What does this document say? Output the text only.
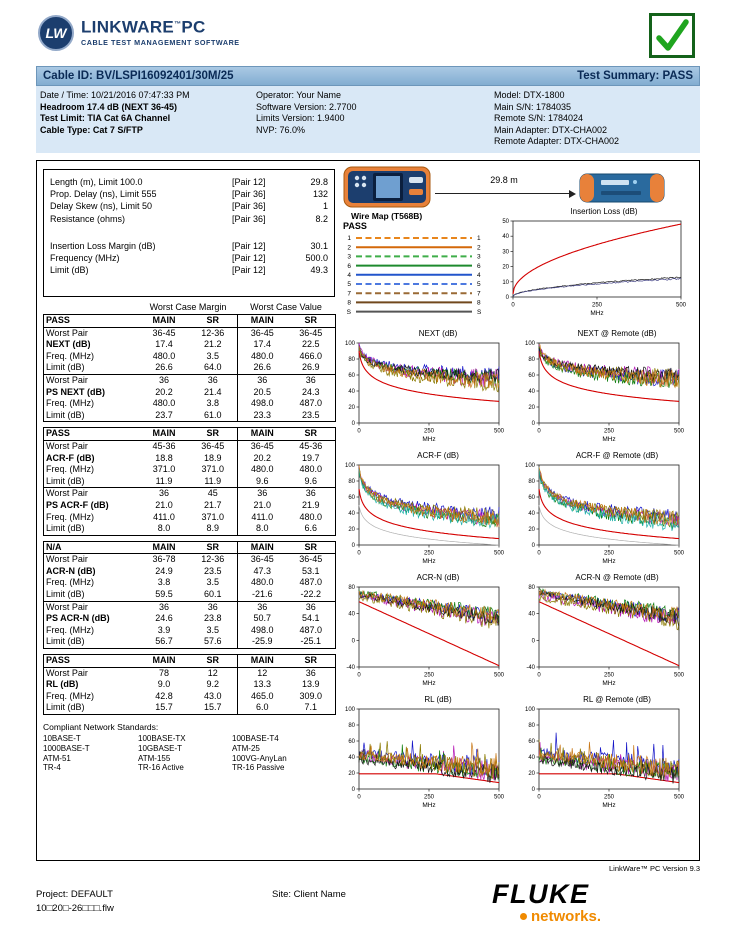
LW LINKWARE™PC
CABLE TEST MANAGEMENT SOFTWARE
Cable ID: BV/LSPI16092401/30M/25	Test Summary: PASS
Date / Time: 10/21/2016 07:47:33 PM
Headroom 17.4 dB (NEXT 36-45)
Test Limit: TIA Cat 6A Channel
Cable Type: Cat 7 S/FTP
Operator: Your Name
Software Version: 2.7700
Limits Version: 1.9400
NVP: 76.0%
Model: DTX-1800
Main S/N: 1784035
Remote S/N: 1784024
Main Adapter: DTX-CHA002
Remote Adapter: DTX-CHA002
Length (m), Limit 100.0	[Pair 12]	29.8
Prop. Delay (ns), Limit 555	[Pair 36]	132
Delay Skew (ns), Limit 50	[Pair 36]	1
Resistance (ohms)	[Pair 36]	8.2
Insertion Loss Margin (dB)	[Pair 12]	30.1
Frequency (MHz)	[Pair 12]	500.0
Limit (dB)	[Pair 12]	49.3
Worst Case Margin	Worst Case Value
PASS	MAIN	SR	MAIN	SR
Worst Pair	36-45	12-36	36-45	36-45
NEXT (dB)	17.4	21.2	17.4	22.5
Freq. (MHz)	480.0	3.5	480.0	466.0
Limit (dB)	26.6	64.0	26.6	26.9
Worst Pair	36	36	36	36
PS NEXT (dB)	20.2	21.4	20.5	24.3
Freq. (MHz)	480.0	3.8	498.0	487.0
Limit (dB)	23.7	61.0	23.3	23.5
PASS	MAIN	SR	MAIN	SR
Worst Pair	45-36	36-45	36-45	45-36
ACR-F (dB)	18.8	18.9	20.2	19.7
Freq. (MHz)	371.0	371.0	480.0	480.0
Limit (dB)	11.9	11.9	9.6	9.6
Worst Pair	36	45	36	36
PS ACR-F (dB)	21.0	21.7	21.0	21.9
Freq. (MHz)	411.0	371.0	411.0	480.0
Limit (dB)	8.0	8.9	8.0	6.6
N/A	MAIN	SR	MAIN	SR
Worst Pair	36-78	12-36	36-45	36-45
ACR-N (dB)	24.9	23.5	47.3	53.1
Freq. (MHz)	3.8	3.5	480.0	487.0
Limit (dB)	59.5	60.1	-21.6	-22.2
Worst Pair	36	36	36	36
PS ACR-N (dB)	24.6	23.8	50.7	54.1
Freq. (MHz)	3.9	3.5	498.0	487.0
Limit (dB)	56.7	57.6	-25.9	-25.1
PASS	MAIN	SR	MAIN	SR
Worst Pair	78	12	12	36
RL (dB)	9.0	9.2	13.3	13.9
Freq. (MHz)	42.8	43.0	465.0	309.0
Limit (dB)	15.7	15.7	6.0	7.1
Compliant Network Standards:
10BASE-T	100BASE-TX	100BASE-T4
1000BASE-T	10GBASE-T	ATM-25
ATM-51	ATM-155	100VG-AnyLan
TR-4	TR-16 Active	TR-16 Passive
29.8 m
Wire Map (T568B)
PASS
1	1
2	2
3	3
6	6
4	4
5	5
7	7
8	8
S	S
Insertion Loss (dB)
0
10
20
30
40
50
0	250	500
MHz
NEXT (dB)
0
20
40
60
80
100
0	250	500
MHz
NEXT @ Remote (dB)
0
20
40
60
80
100
0	250	500
MHz
ACR-F (dB)
0
20
40
60
80
100
0	250	500
MHz
ACR-F @ Remote (dB)
0
20
40
60
80
100
0	250	500
MHz
ACR-N (dB)
-40
0
40
80
0	250	500
MHz
ACR-N @ Remote (dB)
-40
0
40
80
0	250	500
MHz
RL (dB)
0
20
40
60
80
100
0	250	500
MHz
RL @ Remote (dB)
0
20
40
60
80
100
0	250	500
MHz
LinkWare™ PC Version 9.3
Project: DEFAULT	Site: Client Name
10□20□-26□□□.flw	FLUKE
networks.
